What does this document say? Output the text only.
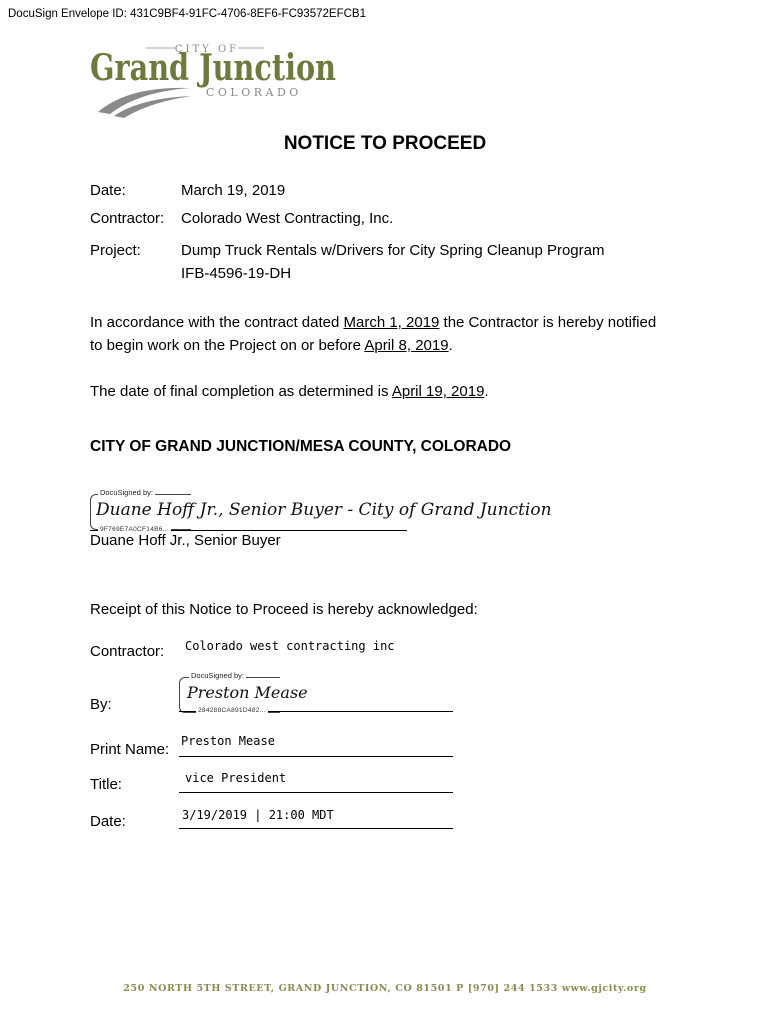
DocuSign Envelope ID: 431C9BF4-91FC-4706-8EF6-FC93572EFCB1
CITY OF
Grand Junction
C O L O R A D O
NOTICE TO PROCEED
Date:	March 19, 2019
Contractor: Colorado West Contracting, Inc.
Project:	Dump Truck Rentals w/Drivers for City Spring Cleanup Program
IFB-4596-19-DH
In accordance with the contract dated March 1, 2019 the Contractor is hereby notified
to begin work on the Project on or before April 8, 2019.
The date of final completion as determined is April 19, 2019.
CITY OF GRAND JUNCTION/MESA COUNTY, COLORADO
DocuSigned by:
Duane Hoff Jr., Senior Buyer - City of Grand Junction
9F769E7A0CF14B6...
Duane Hoff Jr., Senior Buyer
Receipt of this Notice to Proceed is hereby acknowledged:
Contractor: Colorado west contracting inc
By:
DocuSigned by:
Preston Mease
284288CA891D482...
Print Name: Preston Mease
Title:	vice President
Date:	3/19/2019 | 21:00 MDT
250 NORTH 5TH STREET, GRAND JUNCTION, CO 81501 P [970] 244 1533 www.gjcity.org
